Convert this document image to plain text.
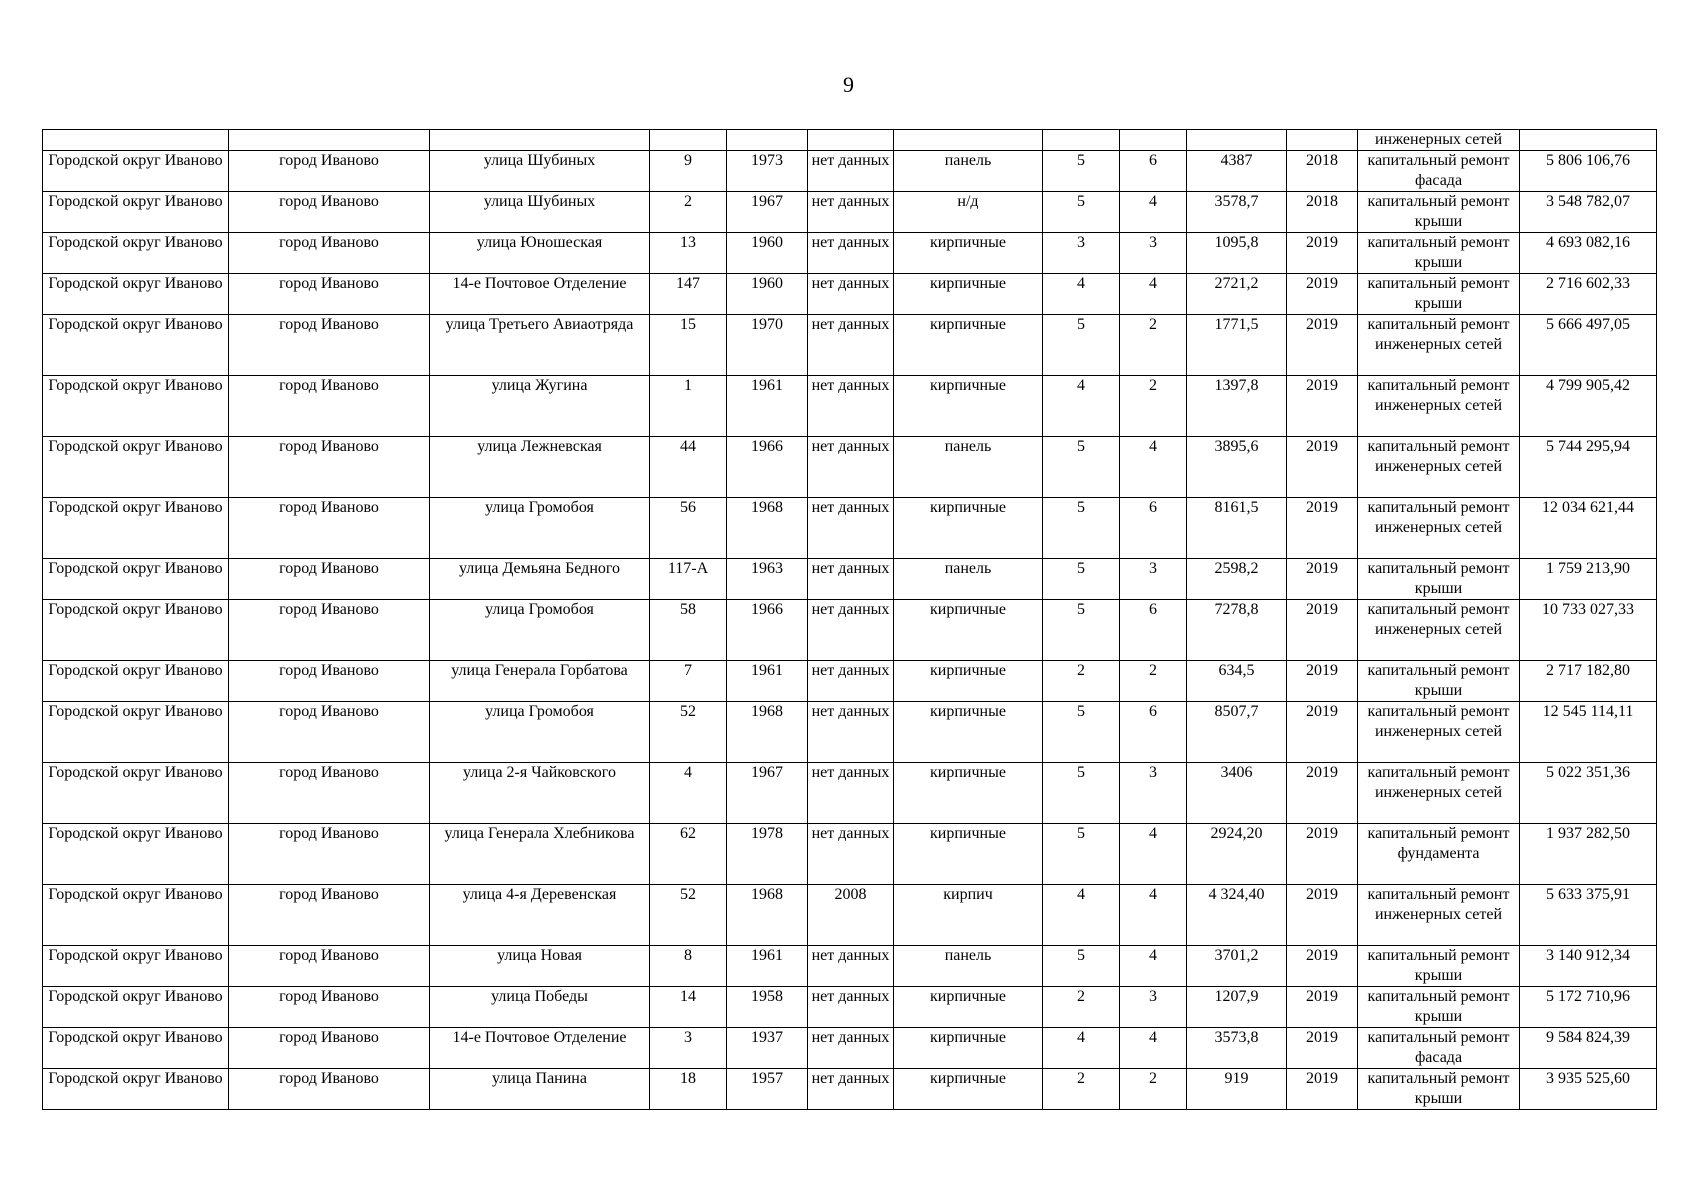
9
											инженерных сетей	
Городской округ Иваново	город Иваново	улица Шубиных	9	1973	нет данных	панель	5	6	4387	2018	капитальный ремонт фасада	5 806 106,76
Городской округ Иваново	город Иваново	улица Шубиных	2	1967	нет данных	н/д	5	4	3578,7	2018	капитальный ремонт крыши	3 548 782,07
Городской округ Иваново	город Иваново	улица Юношеская	13	1960	нет данных	кирпичные	3	3	1095,8	2019	капитальный ремонт крыши	4 693 082,16
Городской округ Иваново	город Иваново	14-е Почтовое Отделение	147	1960	нет данных	кирпичные	4	4	2721,2	2019	капитальный ремонт крыши	2 716 602,33
Городской округ Иваново	город Иваново	улица Третьего Авиаотряда	15	1970	нет данных	кирпичные	5	2	1771,5	2019	капитальный ремонт инженерных сетей	5 666 497,05
Городской округ Иваново	город Иваново	улица Жугина	1	1961	нет данных	кирпичные	4	2	1397,8	2019	капитальный ремонт инженерных сетей	4 799 905,42
Городской округ Иваново	город Иваново	улица Лежневская	44	1966	нет данных	панель	5	4	3895,6	2019	капитальный ремонт инженерных сетей	5 744 295,94
Городской округ Иваново	город Иваново	улица Громобоя	56	1968	нет данных	кирпичные	5	6	8161,5	2019	капитальный ремонт инженерных сетей	12 034 621,44
Городской округ Иваново	город Иваново	улица Демьяна Бедного	117-А	1963	нет данных	панель	5	3	2598,2	2019	капитальный ремонт крыши	1 759 213,90
Городской округ Иваново	город Иваново	улица Громобоя	58	1966	нет данных	кирпичные	5	6	7278,8	2019	капитальный ремонт инженерных сетей	10 733 027,33
Городской округ Иваново	город Иваново	улица Генерала Горбатова	7	1961	нет данных	кирпичные	2	2	634,5	2019	капитальный ремонт крыши	2 717 182,80
Городской округ Иваново	город Иваново	улица Громобоя	52	1968	нет данных	кирпичные	5	6	8507,7	2019	капитальный ремонт инженерных сетей	12 545 114,11
Городской округ Иваново	город Иваново	улица 2-я Чайковского	4	1967	нет данных	кирпичные	5	3	3406	2019	капитальный ремонт инженерных сетей	5 022 351,36
Городской округ Иваново	город Иваново	улица Генерала Хлебникова	62	1978	нет данных	кирпичные	5	4	2924,20	2019	капитальный ремонт фундамента	1 937 282,50
Городской округ Иваново	город Иваново	улица 4-я Деревенская	52	1968	2008	кирпич	4	4	4 324,40	2019	капитальный ремонт инженерных сетей	5 633 375,91
Городской округ Иваново	город Иваново	улица Новая	8	1961	нет данных	панель	5	4	3701,2	2019	капитальный ремонт крыши	3 140 912,34
Городской округ Иваново	город Иваново	улица Победы	14	1958	нет данных	кирпичные	2	3	1207,9	2019	капитальный ремонт крыши	5 172 710,96
Городской округ Иваново	город Иваново	14-е Почтовое Отделение	3	1937	нет данных	кирпичные	4	4	3573,8	2019	капитальный ремонт фасада	9 584 824,39
Городской округ Иваново	город Иваново	улица Панина	18	1957	нет данных	кирпичные	2	2	919	2019	капитальный ремонт крыши	3 935 525,60
